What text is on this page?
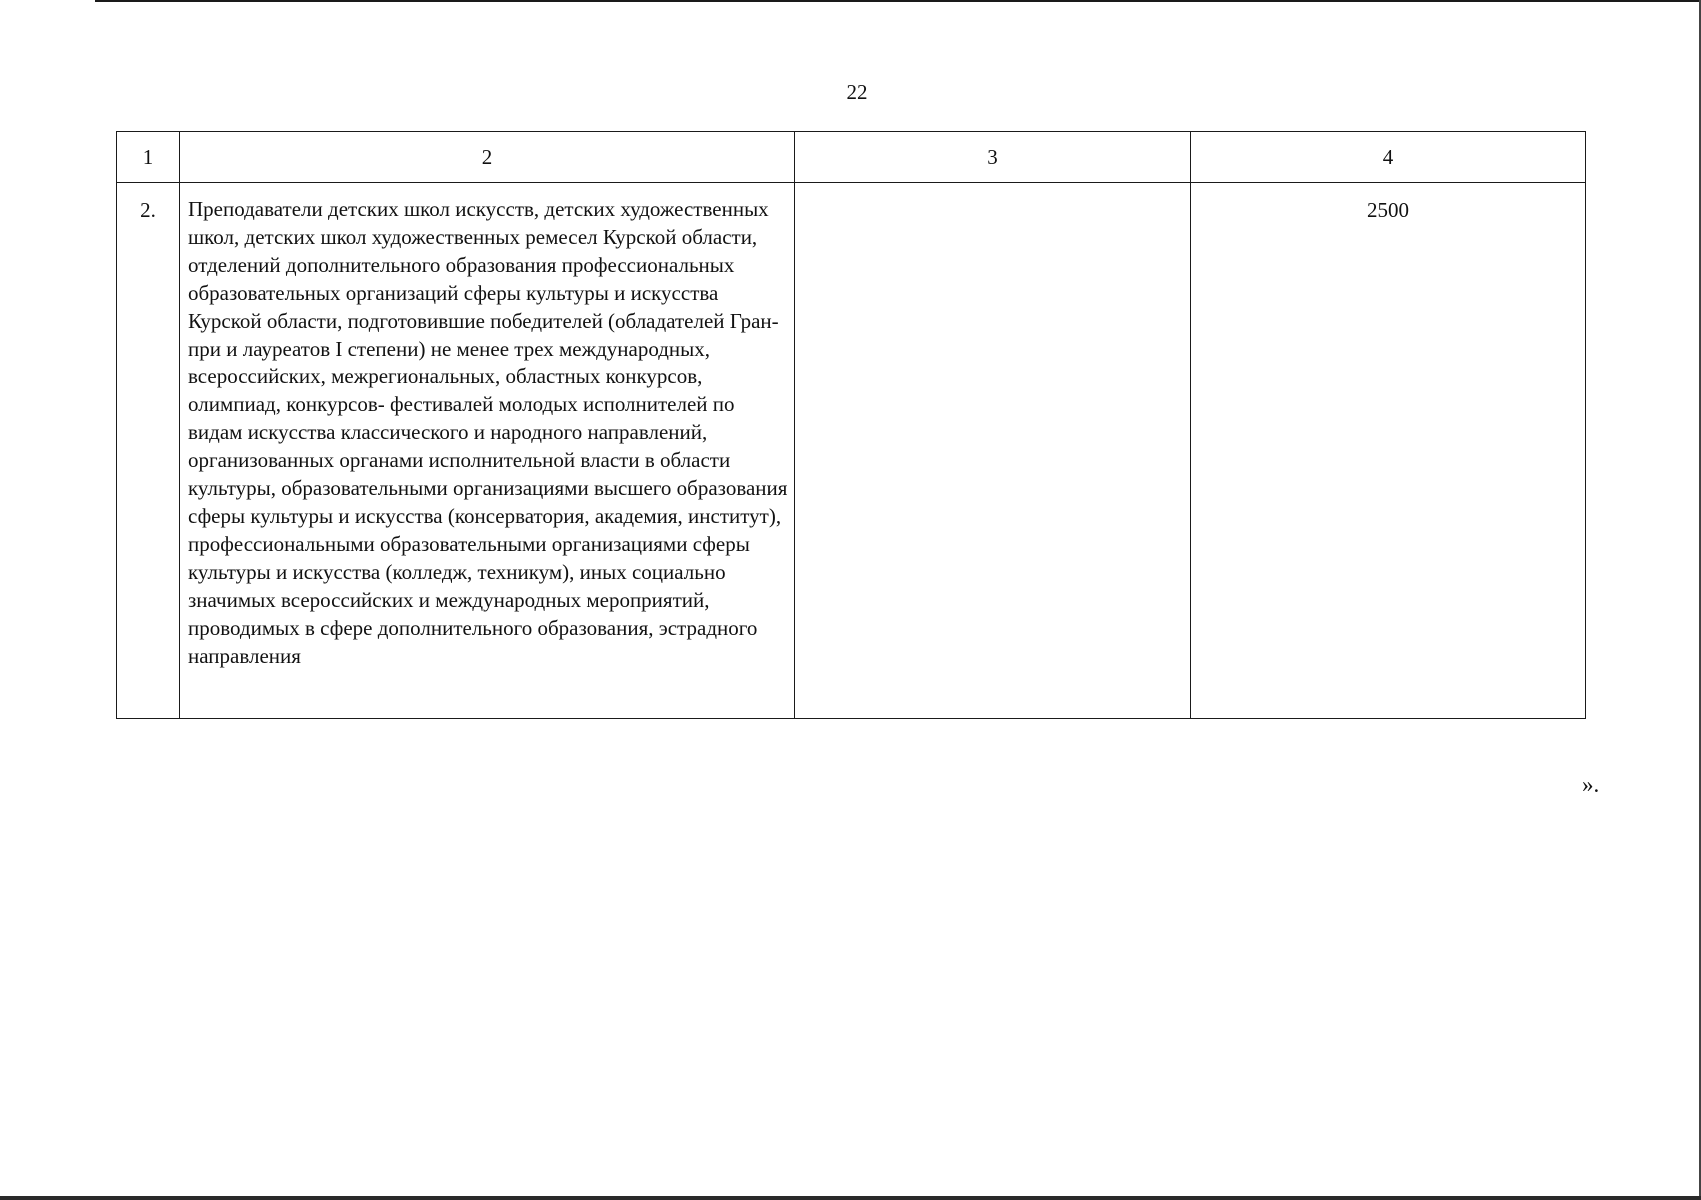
22
1	2	3	4
2.	Преподаватели детских школ искусств, детских художественных школ, детских школ художественных ремесел Курской области, отделений дополнительного образования профессиональных образовательных организаций сферы культуры и искусства Курской области, подготовившие победителей (обладателей Гран-при и лауреатов I степени) не менее трех международных, всероссийских, межрегиональных, областных конкурсов, олимпиад, конкурсов- фестивалей молодых исполнителей по видам искусства классического и народного направлений, организованных органами исполнительной власти в области культуры, образовательными организациями высшего образования сферы культуры и искусства (консерватория, академия, институт), профессиональными образовательными организациями сферы культуры и искусства (колледж, техникум), иных социально значимых всероссийских и международных мероприятий, проводимых в сфере дополнительного образования, эстрадного направления		2500
».
